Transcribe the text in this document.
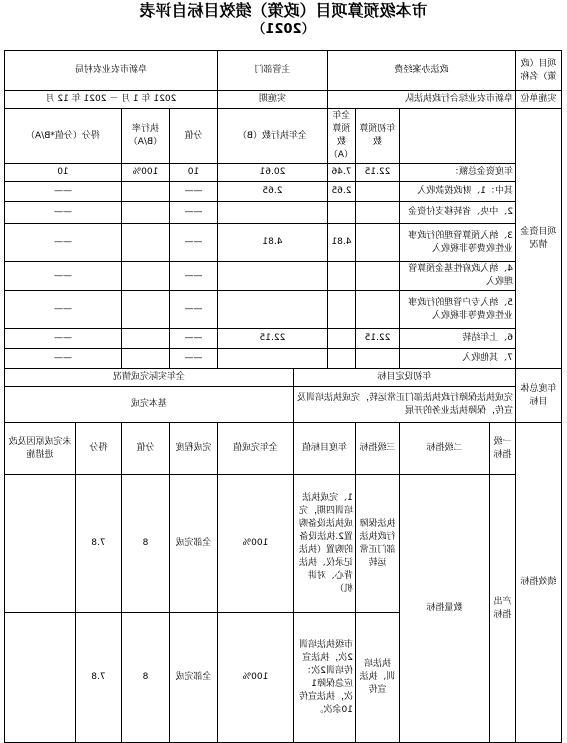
市本级预算项目（政策）绩效目标自评表
（2021）
项目（政策）名称	政法办案经费				主管部门		阜新市农业农村局			
实施单位	阜新市农业综合行政执法队				实施期		2021 年 1 月 － 2021 年 12 月			
项目资金情况			年初预算数	全年预算数（A）	全年执行数（B）		分值	执行率（B/A）	得分（分值*B/A）	
	年度资金总额：		22.15	7.46	20.61		10	100%	10	
	其中：1、财政拨款收入			2.65	2.65		——		——	
	2、中央、省转移支付资金						——		——	
	3、纳入预算管理的行政事业性收费等非税收入			4.81	4.81		——		——	
	4、纳入政府性基金预算管理收入						——		——	
	5、纳入专户管理的行政事业性收费等非税收入						——		——	
	6、上年结转		22.15		22.15		——		——	
	7、其他收入						——		——	
年度总体目标	年初设定目标					全年实际完成情况				
	完成执法保障行政执法部门正常运转，完成执法培训及宣传，保障执法业务的开展					基本完成				
绩效指标	一级指标	二级指标	三级指标	年度目标值		全年完成值	完成程度	分值	得分	未完成原因及改进措施
	产出指标	数量指标	执法保障行政执法部门正常运转	1、完成执法培训四期，完成执法设备购置2.执法设备的购置（执法记录仪、执法背心、对讲机）		100%	全部完成	8	7.8	
			执法培训、执法宣传	市级执法培训2次，执法宣传培训2次：应急保障1次，执法宣传10余次。		100%	全部完成	8	7.8	
